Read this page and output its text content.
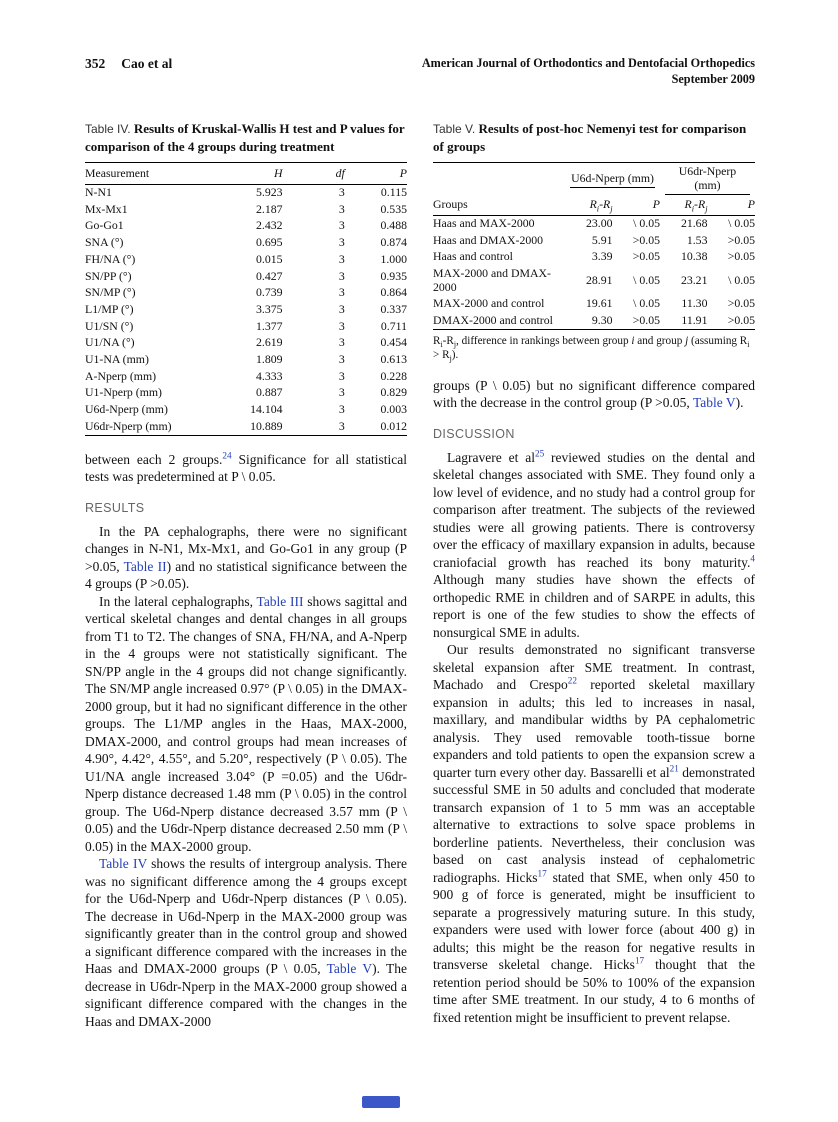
352 Cao et al	American Journal of Orthodontics and Dentofacial Orthopedics
September 2009
Table IV. Results of Kruskal-Wallis H test and P values for comparison of the 4 groups during treatment
Measurement	H	df	P
N-N1	5.923	3	0.115
Mx-Mx1	2.187	3	0.535
Go-Go1	2.432	3	0.488
SNA (°)	0.695	3	0.874
FH/NA (°)	0.015	3	1.000
SN/PP (°)	0.427	3	0.935
SN/MP (°)	0.739	3	0.864
L1/MP (°)	3.375	3	0.337
U1/SN (°)	1.377	3	0.711
U1/NA (°)	2.619	3	0.454
U1-NA (mm)	1.809	3	0.613
A-Nperp (mm)	4.333	3	0.228
U1-Nperp (mm)	0.887	3	0.829
U6d-Nperp (mm)	14.104	3	0.003
U6dr-Nperp (mm)	10.889	3	0.012

between each 2 groups.$^{24}$ Significance for all statistical tests was predetermined at P \ 0.05.

RESULTS

In the PA cephalographs, there were no significant changes in N-N1, Mx-Mx1, and Go-Go1 in any group (P >0.05, Table II) and no statistical significance between the 4 groups (P >0.05).

In the lateral cephalographs, Table III shows sagittal and vertical skeletal changes and dental changes in all groups from T1 to T2. The changes of SNA, FH/NA, and A-Nperp in the 4 groups were not statistically significant. The SN/PP angle in the 4 groups did not change significantly. The SN/MP angle increased 0.97° (P \ 0.05) in the DMAX-2000 group, but it had no significant difference in the other groups. The L1/MP angles in the Haas, MAX-2000, DMAX-2000, and control groups had mean increases of 4.90°, 4.42°, 4.55°, and 5.20°, respectively (P \ 0.05). The U1/NA angle increased 3.04° (P =0.05) and the U6dr-Nperp distance decreased 1.48 mm (P \ 0.05) in the control group. The U6d-Nperp distance decreased 3.57 mm (P \ 0.05) and the U6dr-Nperp distance decreased 2.50 mm (P \ 0.05) in the MAX-2000 group.

Table IV shows the results of intergroup analysis. There was no significant difference among the 4 groups except for the U6d-Nperp and U6dr-Nperp distances (P \ 0.05). The decrease in U6d-Nperp in the MAX-2000 group was significantly greater than in the control group and showed a significant difference compared with the increases in the Haas and DMAX-2000 groups (P \ 0.05, Table V). The decrease in U6dr-Nperp in the MAX-2000 group showed a significant difference compared with the changes in the Haas and DMAX-2000

Table V. Results of post-hoc Nemenyi test for comparison of groups

	U6d-Nperp (mm)		U6dr-Nperp (mm)	

Groups	$R_i-R_j$	P	$R_i-R_j$	P
Haas and MAX-2000	23.00	\ 0.05	21.68	\ 0.05
Haas and DMAX-2000	5.91	>0.05	1.53	>0.05
Haas and control	3.39	>0.05	10.38	>0.05
MAX-2000 and DMAX-2000	28.91	\ 0.05	23.21	\ 0.05
MAX-2000 and control	19.61	\ 0.05	11.30	>0.05
DMAX-2000 and control	9.30	>0.05	11.91	>0.05

$R_i-R_j$, difference in rankings between group i and group j (assuming $R_i > R_j$).

groups (P \ 0.05) but no significant difference compared with the decrease in the control group (P >0.05, Table V).

DISCUSSION

Lagravere et $al^{25}$ reviewed studies on the dental and skeletal changes associated with SME. They found only a low level of evidence, and no study had a control group for comparison after treatment. The subjects of the reviewed studies were all growing patients. There is controversy over the efficacy of maxillary expansion in adults, because craniofacial growth has reached its bony maturity.$^4$ Although many studies have shown the effects of orthopedic RME in children and of SARPE in adults, this report is one of the few studies to show the effects of nonsurgical SME in adults.

Our results demonstrated no significant transverse skeletal expansion after SME treatment. In contrast, Machado and Crespo$^{22}$ reported skeletal maxillary expansion in adults; this led to increases in nasal, maxillary, and mandibular widths by PA cephalometric analysis. They used removable tooth-tissue borne expanders and told patients to open the expansion screw a quarter turn every other day. Bassarelli et $al^{21}$ demonstrated successful SME in 50 adults and concluded that moderate transarch expansion of 1 to 5 mm was an acceptable alternative to extractions to solve space problems in borderline patients. Nevertheless, their conclusion was based on cast analysis instead of cephalometric radiographs. Hicks$^{17}$ stated that SME, when only 450 to 900 g of force is generated, might be insufficient to separate a progressively maturing suture. In this study, expanders were used with lower force (about 400 g) in adults; this might be the reason for negative results in transverse skeletal change. Hicks$^{17}$ thought that the retention period should be 50% to 100% of the expansion time after SME treatment. In our study, 4 to 6 months of fixed retention might be insufficient to prevent relapse.
